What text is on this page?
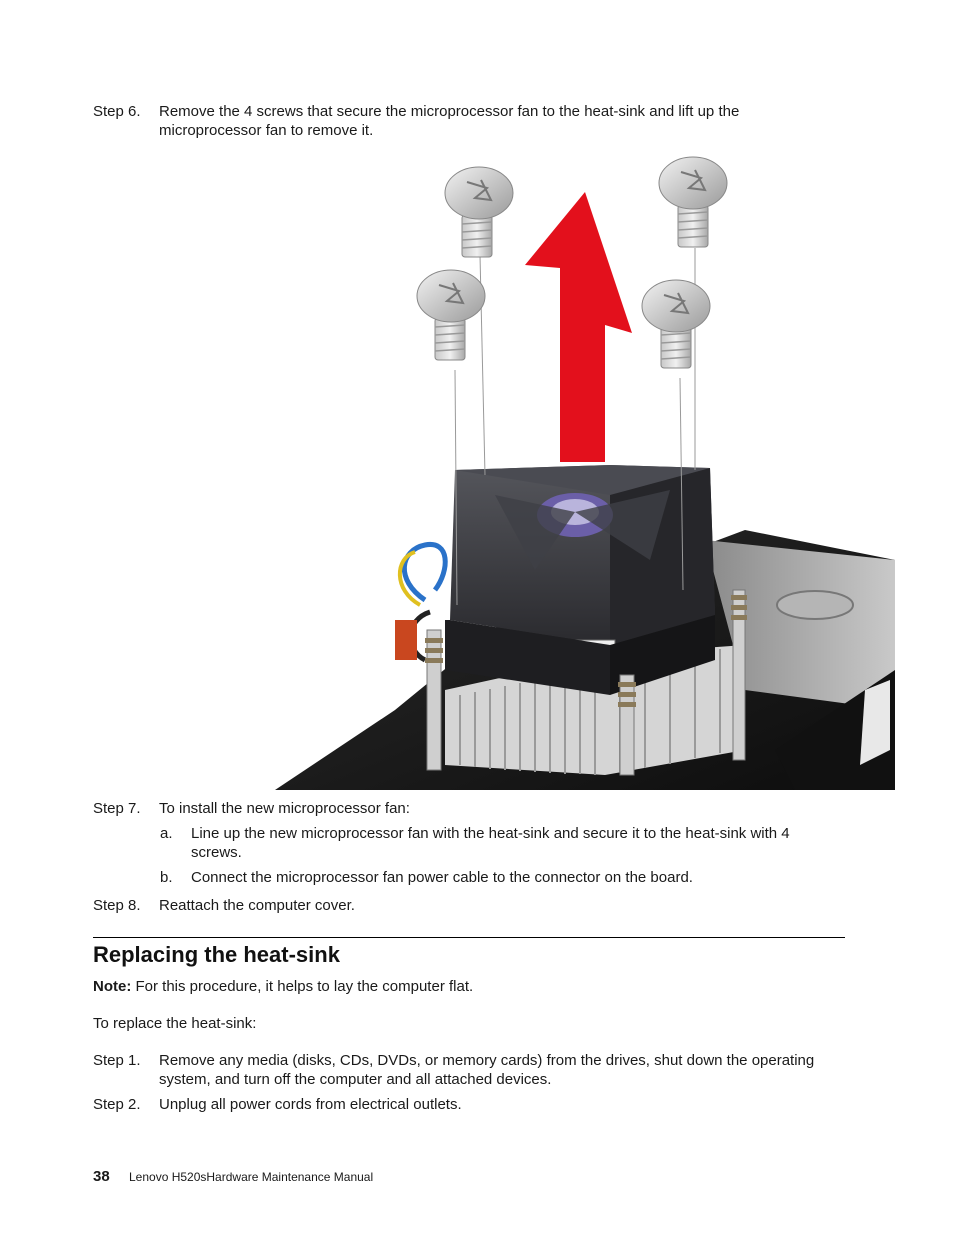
Step 6. Remove the 4 screws that secure the microprocessor fan to the heat-sink and lift up the microprocessor fan to remove it.
Step 7. To install the new microprocessor fan:
a. Line up the new microprocessor fan with the heat-sink and secure it to the heat-sink with 4 screws.
b. Connect the microprocessor fan power cable to the connector on the board.
Step 8. Reattach the computer cover.
Replacing the heat-sink
Note: For this procedure, it helps to lay the computer flat.
To replace the heat-sink:
Step 1. Remove any media (disks, CDs, DVDs, or memory cards) from the drives, shut down the operating system, and turn off the computer and all attached devices.
Step 2. Unplug all power cords from electrical outlets.
38 Lenovo H520sHardware Maintenance Manual
